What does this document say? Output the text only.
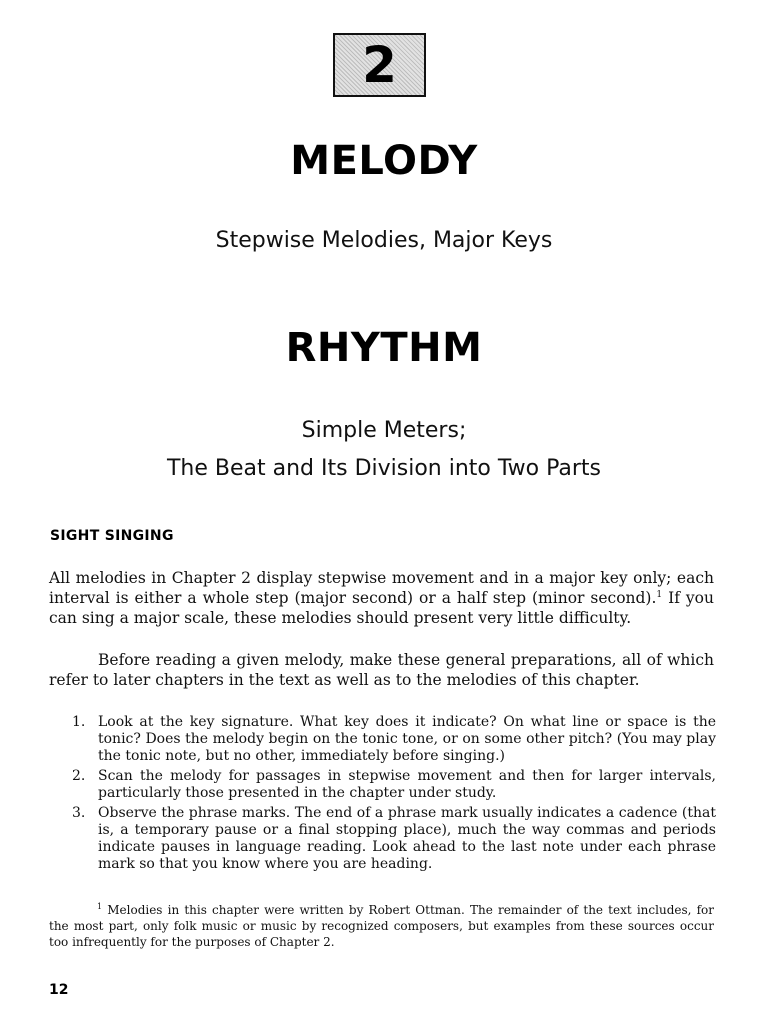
2
MELODY
Stepwise Melodies, Major Keys
RHYTHM
Simple Meters;
The Beat and Its Division into Two Parts
SIGHT SINGING

All melodies in Chapter 2 display stepwise movement and in a major key only; each interval is either a whole step (major second) or a half step (minor second).$^1$ If you can sing a major scale, these melodies should present very little difficulty.

Before reading a given melody, make these general preparations, all of which refer to later chapters in the text as well as to the melodies of this chapter.

1. Look at the key signature. What key does it indicate? On what line or space is the tonic? Does the melody begin on the tonic tone, or on some other pitch? (You may play the tonic note, but no other, immediately before singing.)
2. Scan the melody for passages in stepwise movement and then for larger intervals, particularly those presented in the chapter under study.
3. Observe the phrase marks. The end of a phrase mark usually indicates a cadence (that is, a temporary pause or a final stopping place), much the way commas and periods indicate pauses in language reading. Look ahead to the last note under each phrase mark so that you know where you are heading.

$^1$ Melodies in this chapter were written by Robert Ottman. The remainder of the text includes, for the most part, only folk music or music by recognized composers, but examples from these sources occur too infrequently for the purposes of Chapter 2.

12
